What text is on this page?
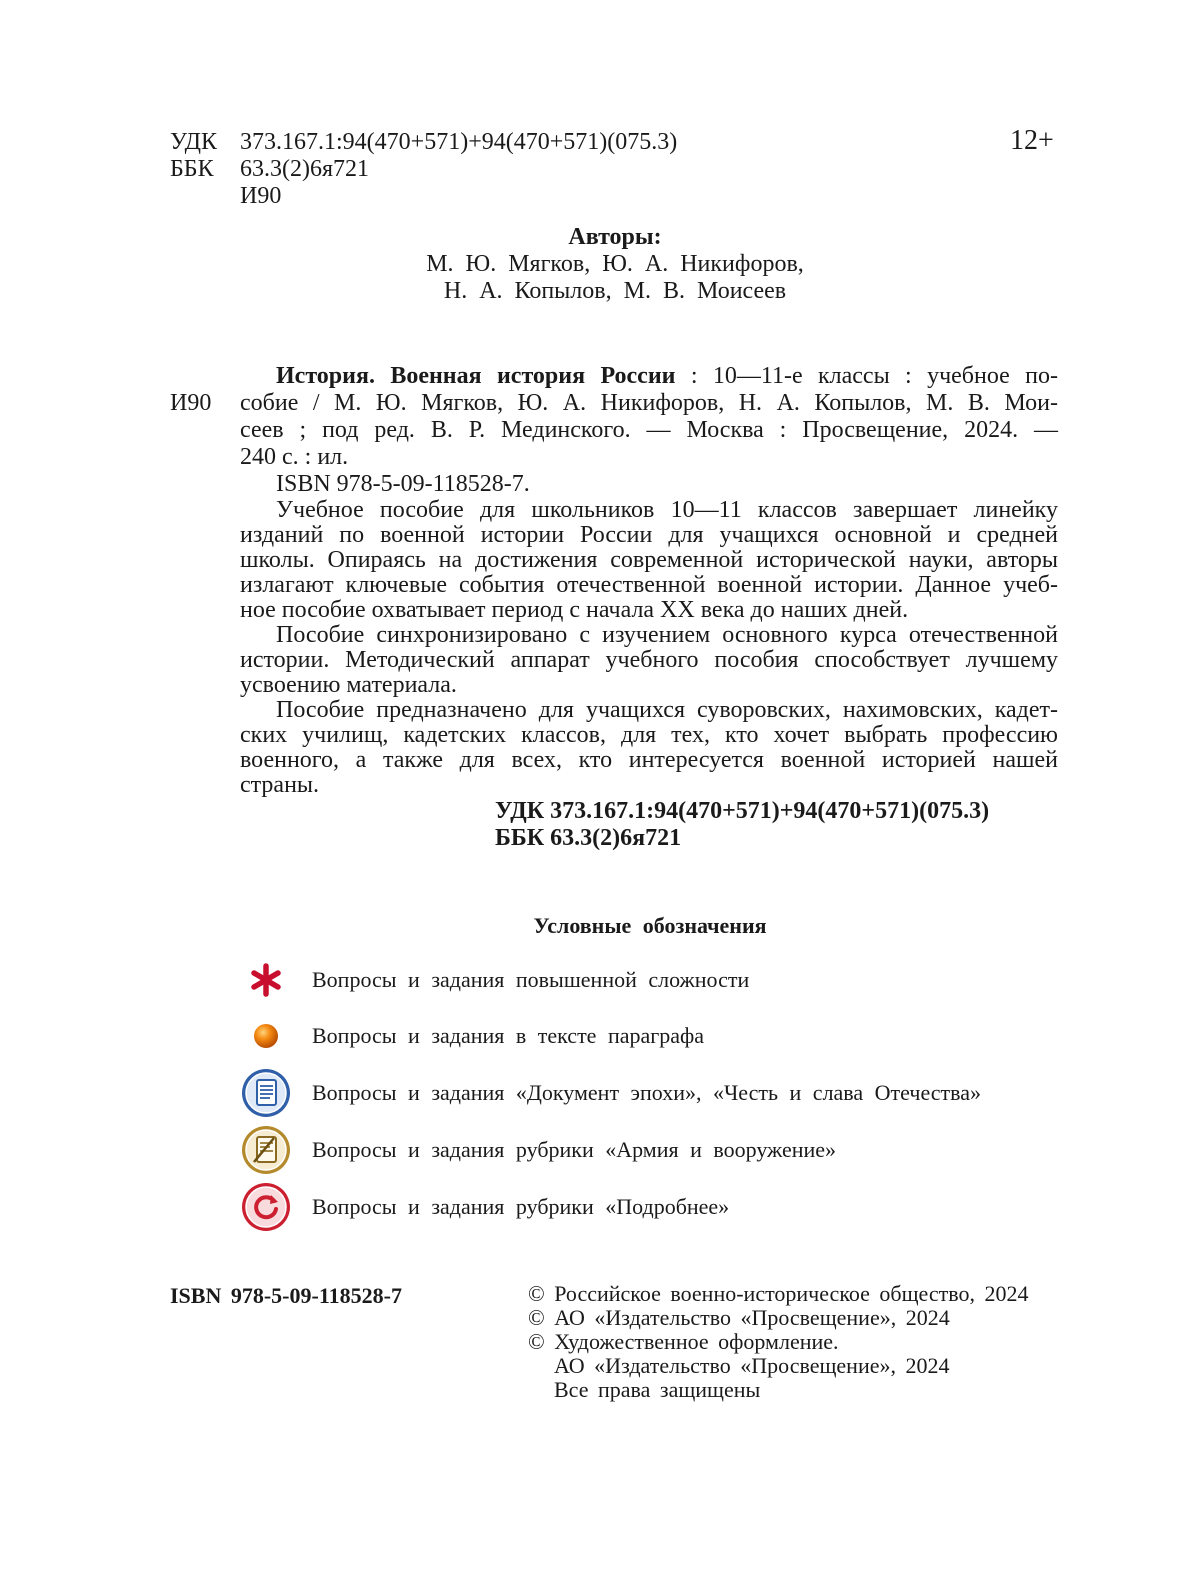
УДК
ББК
373.167.1:94(470+571)+94(470+571)(075.3)
63.3(2)6я721
И90
12+
Авторы:
М. Ю. Мягков, Ю. А. Никифоров,
Н. А. Копылов, М. В. Моисеев
И90
История. Военная история России : 10—11-е классы : учебное по-
собие / М. Ю. Мягков, Ю. А. Никифоров, Н. А. Копылов, М. В. Мои-
сеев ; под ред. В. Р. Мединского. — Москва : Просвещение, 2024. —
240 с. : ил.
ISBN 978-5-09-118528-7.
Учебное пособие для школьников 10—11 классов завершает линейку
изданий по военной истории России для учащихся основной и средней
школы. Опираясь на достижения современной исторической науки, авторы
излагают ключевые события отечественной военной истории. Данное учеб-
ное пособие охватывает период с начала XX века до наших дней.
Пособие синхронизировано с изучением основного курса отечественной
истории. Методический аппарат учебного пособия способствует лучшему
усвоению материала.
Пособие предназначено для учащихся суворовских, нахимовских, кадет-
ских училищ, кадетских классов, для тех, кто хочет выбрать профессию
военного, а также для всех, кто интересуется военной историей нашей
страны.
УДК 373.167.1:94(470+571)+94(470+571)(075.3)
ББК 63.3(2)6я721
Условные обозначения
Вопросы и задания повышенной сложности
Вопросы и задания в тексте параграфа
Вопросы и задания «Документ эпохи», «Честь и слава Отечества»
Вопросы и задания рубрики «Армия и вооружение»
Вопросы и задания рубрики «Подробнее»
ISBN 978-5-09-118528-7	© Российское военно-историческое общество, 2024
© АО «Издательство «Просвещение», 2024
© Художественное оформление.
АО «Издательство «Просвещение», 2024
Все права защищены
